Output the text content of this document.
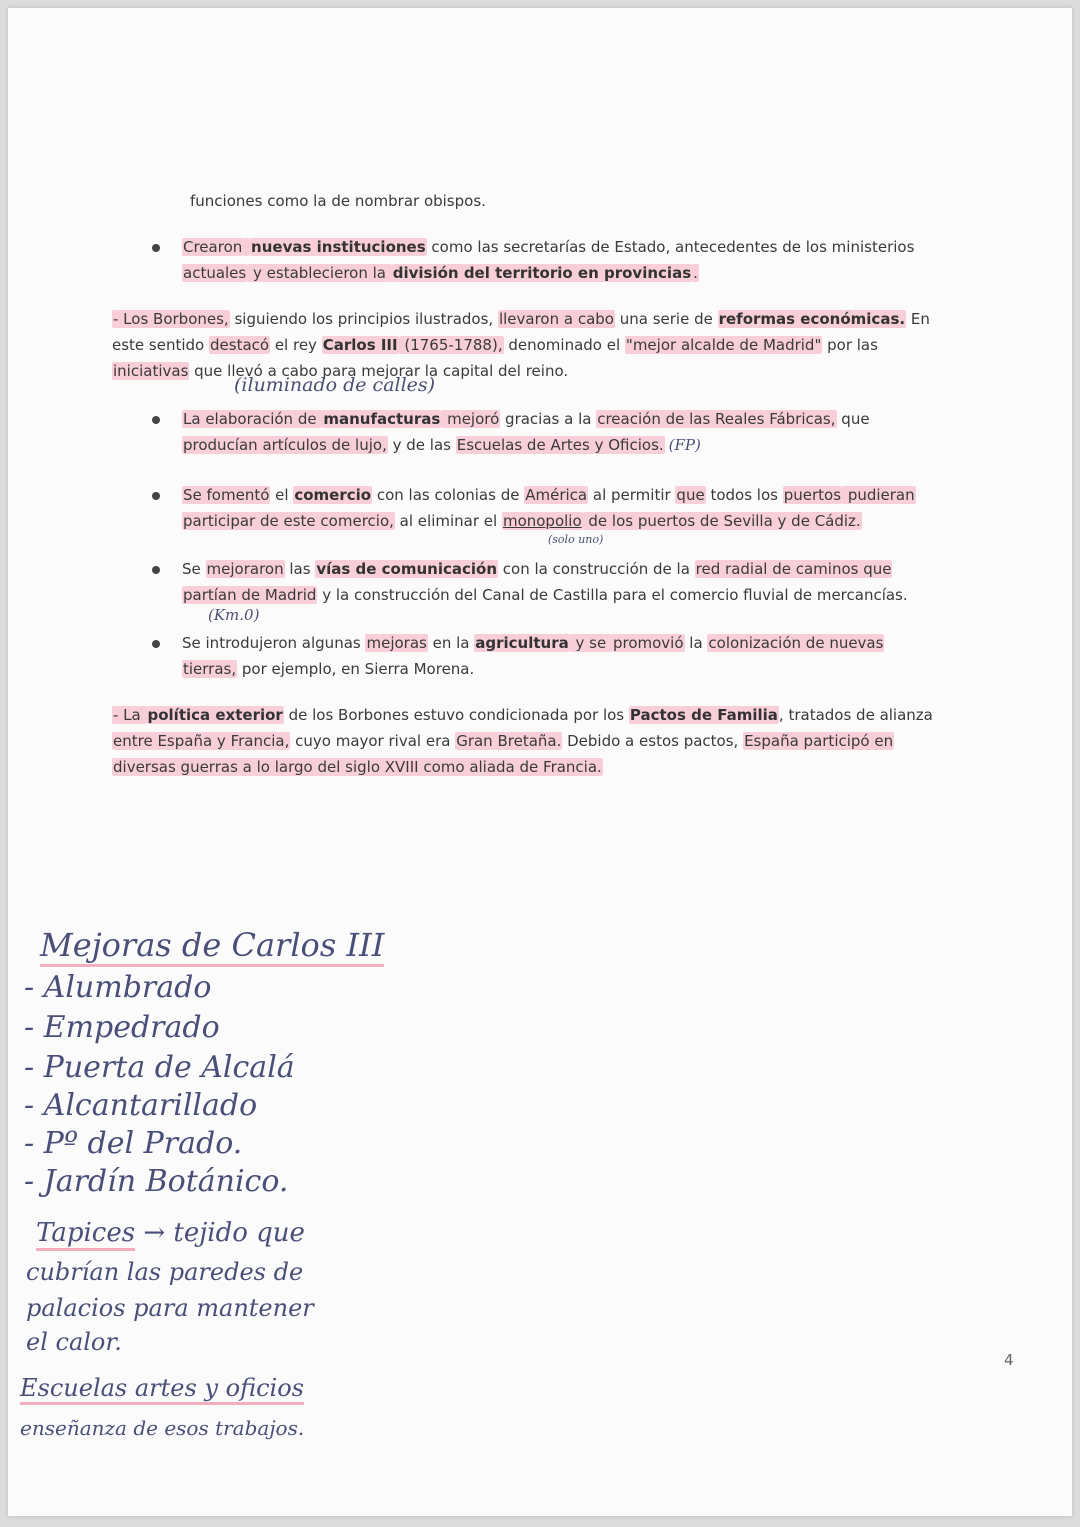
funciones como la de nombrar obispos.
Crearon nuevas instituciones como las secretarías de Estado, antecedentes de los ministerios
actuales y establecieron la división del territorio en provincias .
- Los Borbones, siguiendo los principios ilustrados, llevaron a cabo una serie de reformas económicas. En
este sentido destacó el rey Carlos III (1765-1788), denominado el "mejor alcalde de Madrid" por las
iniciativas que llevó a cabo para mejorar la capital del reino.
(iluminado de calles)
La elaboración de manufacturas mejoró gracias a la creación de las Reales Fábricas, que
producían artículos de lujo, y de las Escuelas de Artes y Oficios. (FP)
Se fomentó el comercio con las colonias de América al permitir que todos los puertos pudieran
participar de este comercio, al eliminar el monopolio de los puertos de Sevilla y de Cádiz.
(solo uno)
Se mejoraron las vías de comunicación con la construcción de la red radial de caminos que
partían de Madrid y la construcción del Canal de Castilla para el comercio fluvial de mercancías.
(Km.0)
Se introdujeron algunas mejoras en la agricultura y se promovió la colonización de nuevas
tierras, por ejemplo, en Sierra Morena.
- La política exterior de los Borbones estuvo condicionada por los Pactos de Familia, tratados de alianza
entre España y Francia, cuyo mayor rival era Gran Bretaña. Debido a estos pactos, España participó en
diversas guerras a lo largo del siglo XVIII como aliada de Francia.
Mejoras de Carlos III
- Alumbrado
- Empedrado
- Puerta de Alcalá
- Alcantarillado
- Pº del Prado.
- Jardín Botánico.
Tapices → tejido que
cubrían las paredes de
palacios para mantener
el calor.
Escuelas artes y oficios
enseñanza de esos trabajos.
4
